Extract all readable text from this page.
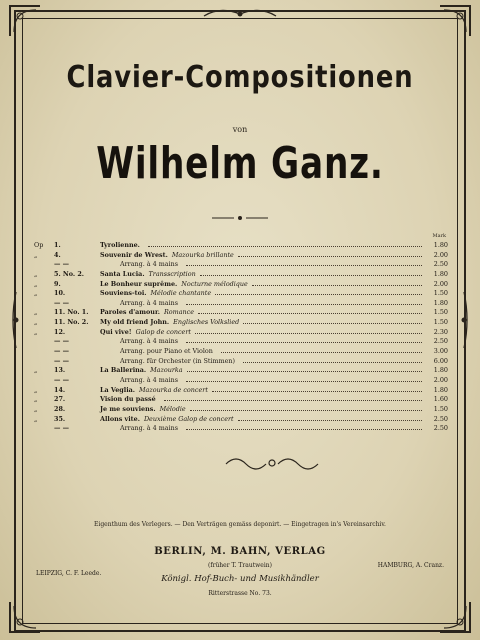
Clavier-Compositionen
von
Wilhelm Ganz.
Mark
Op	1.	Tyrolienne.	1.80
„	4.	Souvenir de Wrest. Mazourka brillante	2.00
— —	Arrang. à 4 mains	2.50
„	5. No. 2.	Santa Lucia. Transscription	1.80
„	9.	Le Bonheur suprême. Nocturne mélodique	2.00
„	10.	Souviens-toi. Mélodie chantante	1.50
— —	Arrang. à 4 mains	1.80
„	11. No. 1.	Paroles d'amour. Romance	1.50
„	11. No. 2.	My old friend John. Englisches Volkslied	1.50
„	12.	Qui vive! Galop de concert	2.30
— —	Arrang. à 4 mains	2.50
— —	Arrang. pour Piano et Violon	3.00
— —	Arrang. für Orchester (in Stimmen)	6.00
„	13.	La Ballerina. Mazourka	1.80
— —	Arrang. à 4 mains	2.00
„	14.	La Veglia. Mazourka de concert	1.80
„	27.	Vision du passé	1.60
„	28.	Je me souviens. Mélodie	1.50
„	35.	Allons vite. Deuxième Galop de concert	2.50
— —	Arrang. à 4 mains	2.50
Eigenthum des Verlegers. — Den Verträgen gemäss deponirt. — Eingetragen in's Vereinsarchiv.
BERLIN, M. BAHN, VERLAG
(früher T. Trautwein)
Königl. Hof-Buch- und Musikhändler
Ritterstrasse No. 73.
LEIPZIG, C. F. Leede.
HAMBURG, A. Cranz.
